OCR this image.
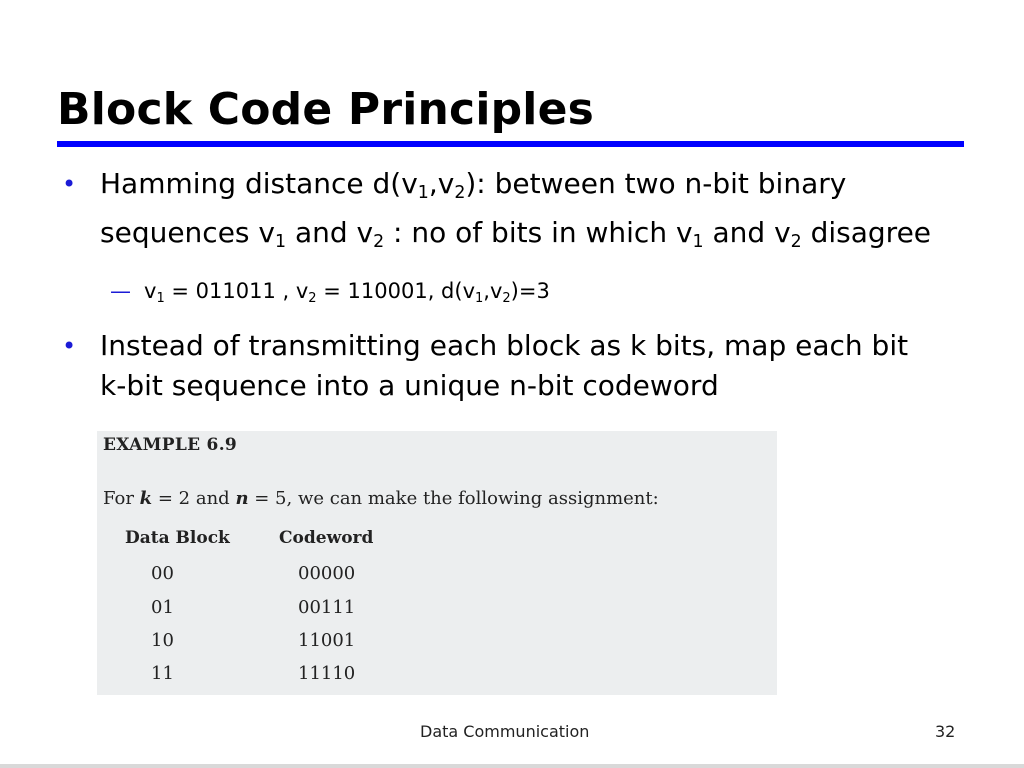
Block Code Principles
• Hamming distance $d(v_1,v_2)$: between two n-bit binary sequences $v_1$ and $v_2$ : no of bits in which $v_1$ and $v_2$ disagree
— $v_1 = 011011$ , $v_2 = 110001$, $d(v_1,v_2)=3$
• Instead of transmitting each block as k bits, map each bit k-bit sequence into a unique n-bit codeword
EXAMPLE 6.9
For k = 2 and n = 5, we can make the following assignment:
Data Block	Codeword
00	00000
01	00111
10	11001
11	11110
Data Communication	32
